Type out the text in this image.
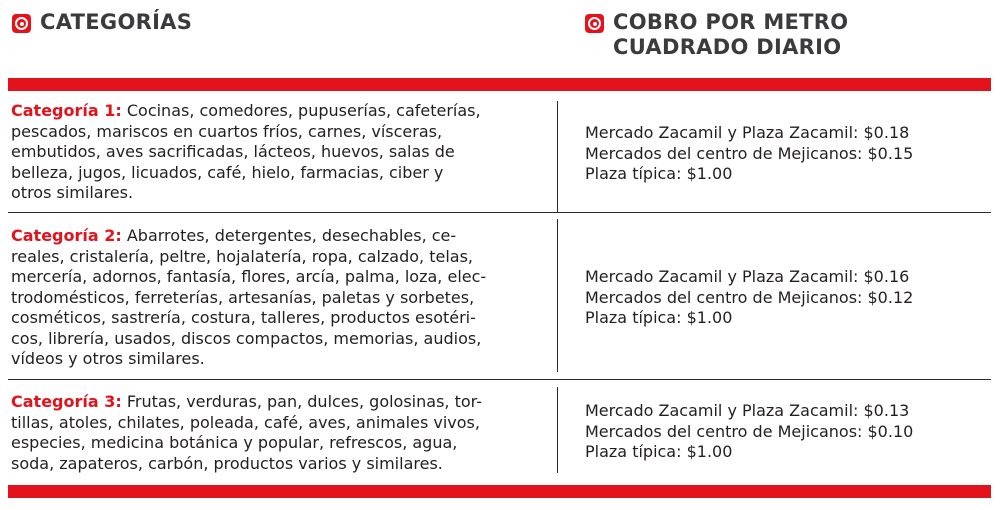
CATEGORÍAS	COBRO POR METRO
CUADRADO DIARIO
Categoría 1: Cocinas, comedores, pupuserías, cafeterías,
pescados, mariscos en cuartos fríos, carnes, vísceras,
embutidos, aves sacrificadas, lácteos, huevos, salas de
belleza, jugos, licuados, café, hielo, farmacias, ciber y
otros similares.
Mercado Zacamil y Plaza Zacamil: $0.18
Mercados del centro de Mejicanos: $0.15
Plaza típica: $1.00
Categoría 2: Abarrotes, detergentes, desechables, ce-
reales, cristalería, peltre, hojalatería, ropa, calzado, telas,
mercería, adornos, fantasía, flores, arcía, palma, loza, elec-
trodomésticos, ferreterías, artesanías, paletas y sorbetes,
cosméticos, sastrería, costura, talleres, productos esotéri-
cos, librería, usados, discos compactos, memorias, audios,
vídeos y otros similares.
Mercado Zacamil y Plaza Zacamil: $0.16
Mercados del centro de Mejicanos: $0.12
Plaza típica: $1.00
Categoría 3: Frutas, verduras, pan, dulces, golosinas, tor-
tillas, atoles, chilates, poleada, café, aves, animales vivos,
especies, medicina botánica y popular, refrescos, agua,
soda, zapateros, carbón, productos varios y similares.
Mercado Zacamil y Plaza Zacamil: $0.13
Mercados del centro de Mejicanos: $0.10
Plaza típica: $1.00
